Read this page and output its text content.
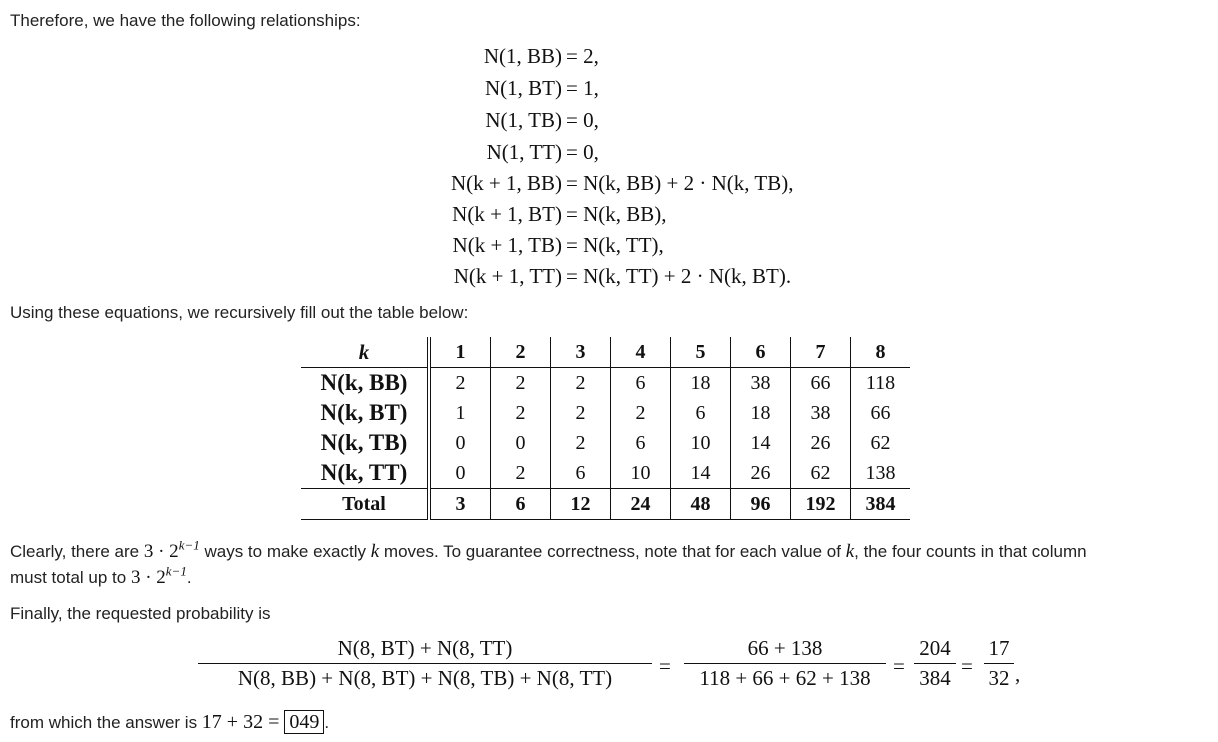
Therefore, we have the following relationships:
N(1, BB) = 2,
N(1, BT) = 1,
N(1, TB) = 0,
N(1, TT) = 0,
N(k + 1, BB) = N(k, BB) + 2 · N(k, TB),
N(k + 1, BT) = N(k, BB),
N(k + 1, TB) = N(k, TT),
N(k + 1, TT) = N(k, TT) + 2 · N(k, BT).
Using these equations, we recursively fill out the table below:
k	1	2	3	4	5	6	7	8
N(k, BB)	2	2	2	6	18	38	66	118
N(k, BT)	1	2	2	2	6	18	38	66
N(k, TB)	0	0	2	6	10	14	26	62
N(k, TT)	0	2	6	10	14	26	62	138
Total	3	6	12	24	48	96	192	384
Clearly, there are $3 \cdot 2^{k-1}$ ways to make exactly k moves. To guarantee correctness, note that for each value of k, the four counts in that column
must total up to $3 \cdot 2^{k-1}$.
Finally, the requested probability is
$\frac{N(8, BT) + N(8, TT)}{N(8, BB) + N(8, BT) + N(8, TB) + N(8, TT)} = \frac{66 + 138}{118 + 66 + 62 + 138} = \frac{204}{384} = \frac{17}{32}$ ,
from which the answer is 17 + 32 = 049 .
